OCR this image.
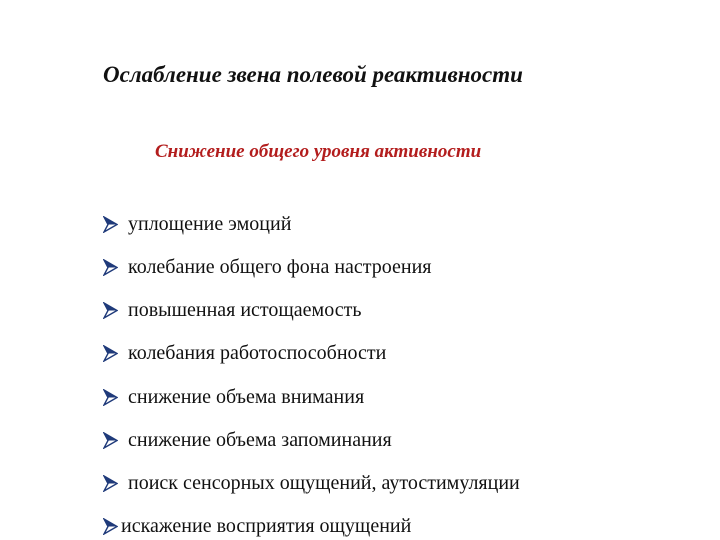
Ослабление звена полевой реактивности
Снижение общего уровня активности
уплощение эмоций
колебание общего фона настроения
повышенная истощаемость
колебания работоспособности
снижение объема внимания
снижение объема запоминания
поиск сенсорных ощущений, аутостимуляции
искажение восприятия ощущений
